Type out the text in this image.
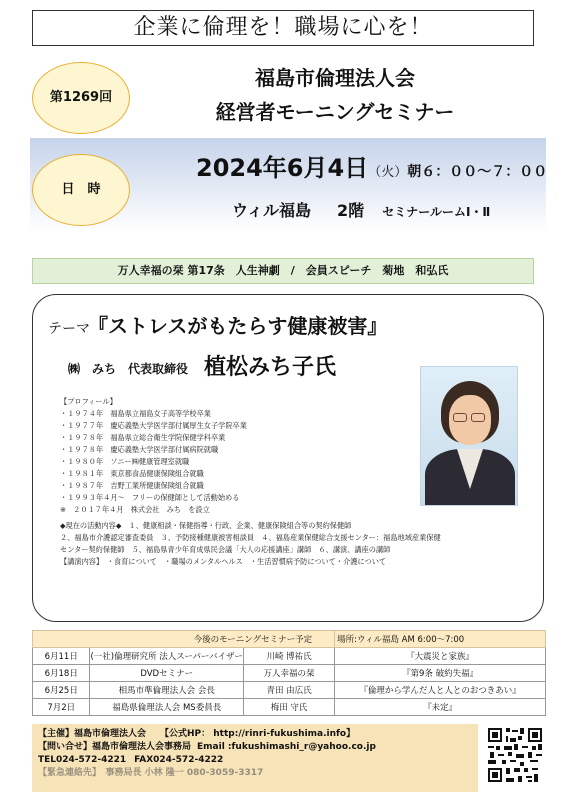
企業に倫理を！職場に心を！
第1269回
福島市倫理法人会
経営者モーニングセミナー
日　時
2024年6月4日（火）朝６：００～７：００
ウィル福島 2階 セミナールームⅠ・Ⅱ
万人幸福の栞 第17条　人生神劇　/　会員スピーチ　菊地　和弘氏
テーマ
『ストレスがもたらす健康被害』
㈱　みち　代表取締役 植松みち子氏
【プロフィール】
・１９７４年　福島県立福島女子高等学校卒業
・１９７７年　慶応義塾大学医学部付属厚生女子学院卒業
・１９７８年　福島県立総合衛生学院保健学科卒業
・１９７８年　慶応義塾大学医学部付属病院就職
・１９８０年　ソニー㈱健康管理室就職
・１９８１年　東京都食品健康保険組合就職
・１９８７年　吉野工業所健康保険組合就職
・１９９３年４月〜　フリーの保健師として活動始める
※　２０１７年４月　株式会社　みち　を設立
◆現在の活動内容◆　１、健康相談・保健指導・行政、企業、健康保険組合等の契約保健師
２、福島市介護認定審査委員　３、予防接種健康被害相談員　４、福島産業保健総合支援センター：福島地域産業保健
センター契約保健師　５、福島県青少年育成県民会議「大人の応援講座」講師　６、講演、講座の講師
【講演内容】　・食育について　・職場のメンタルヘルス　・生活習慣病予防について・介護について
今後のモーニングセミナー予定			場所:ウィル福島 AM 6:00～7:00
6月11日	(一社)倫理研究所 法人スーパーバイザー	川崎 博祐氏	『大震災と家族』
6月18日	DVDセミナー	万人幸福の栞	『第9条 破約失福』
6月25日	相馬市準倫理法人会 会長	青田 由広氏	『倫理から学んだ人と人とのおつきあい』
7月2日	福島県倫理法人会 MS委員長	梅田 守氏	『未定』
【主催】福島市倫理法人会 【公式HP： http://rinri-fukushima.info】
【問い合せ】福島市倫理法人会事務局 Email :fukushimashi_r@yahoo.co.jp
TEL024-572-4221 FAX024-572-4222
【緊急連絡先】　事務局長 小林 隆一 080-3059-3317
